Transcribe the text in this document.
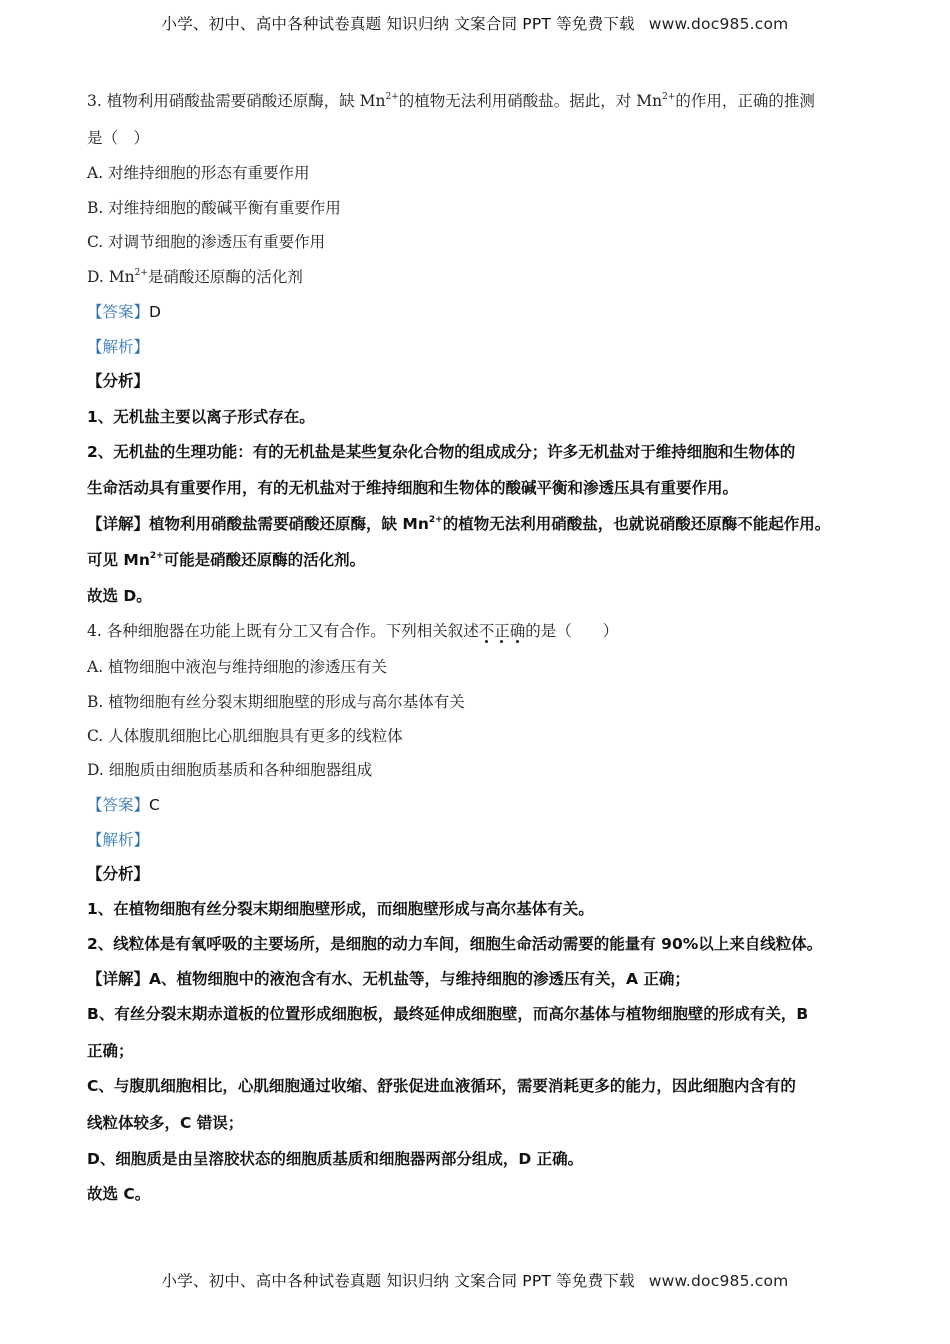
小学、初中、高中各种试卷真题 知识归纳 文案合同 PPT 等免费下载 www.doc985.com
3. 植物利用硝酸盐需要硝酸还原酶，缺 $Mn^{2+}$的植物无法利用硝酸盐。据此，对 $Mn^{2+}$的作用，正确的推测
是（　）
A. 对维持细胞的形态有重要作用
B. 对维持细胞的酸碱平衡有重要作用
C. 对调节细胞的渗透压有重要作用
D. $Mn^{2+}$是硝酸还原酶的活化剂
【答案】D
【解析】
【分析】
1、无机盐主要以离子形式存在。
2、无机盐的生理功能：有的无机盐是某些复杂化合物的组成成分；许多无机盐对于维持细胞和生物体的
生命活动具有重要作用，有的无机盐对于维持细胞和生物体的酸碱平衡和渗透压具有重要作用。
【详解】植物利用硝酸盐需要硝酸还原酶，缺 $Mn^{2+}$的植物无法利用硝酸盐，也就说硝酸还原酶不能起作用。
可见 $Mn^{2+}$可能是硝酸还原酶的活化剂。
故选 D。
4. 各种细胞器在功能上既有分工又有合作。下列相关叙述不
正
确
的是（　　）
A. 植物细胞中液泡与维持细胞的渗透压有关
B. 植物细胞有丝分裂末期细胞壁的形成与高尔基体有关
C. 人体腹肌细胞比心肌细胞具有更多的线粒体
D. 细胞质由细胞质基质和各种细胞器组成
【答案】C
【解析】
【分析】
1、在植物细胞有丝分裂末期细胞壁形成，而细胞壁形成与高尔基体有关。
2、线粒体是有氧呼吸的主要场所，是细胞的动力车间，细胞生命活动需要的能量有 90%以上来自线粒体。
【详解】A、植物细胞中的液泡含有水、无机盐等，与维持细胞的渗透压有关，A 正确；
B、有丝分裂末期赤道板的位置形成细胞板，最终延伸成细胞壁，而高尔基体与植物细胞壁的形成有关，B
正确；
C、与腹肌细胞相比，心肌细胞通过收缩、舒张促进血液循环，需要消耗更多的能力，因此细胞内含有的
线粒体较多，C 错误；
D、细胞质是由呈溶胶状态的细胞质基质和细胞器两部分组成，D 正确。
故选 C。
小学、初中、高中各种试卷真题 知识归纳 文案合同 PPT 等免费下载 www.doc985.com
